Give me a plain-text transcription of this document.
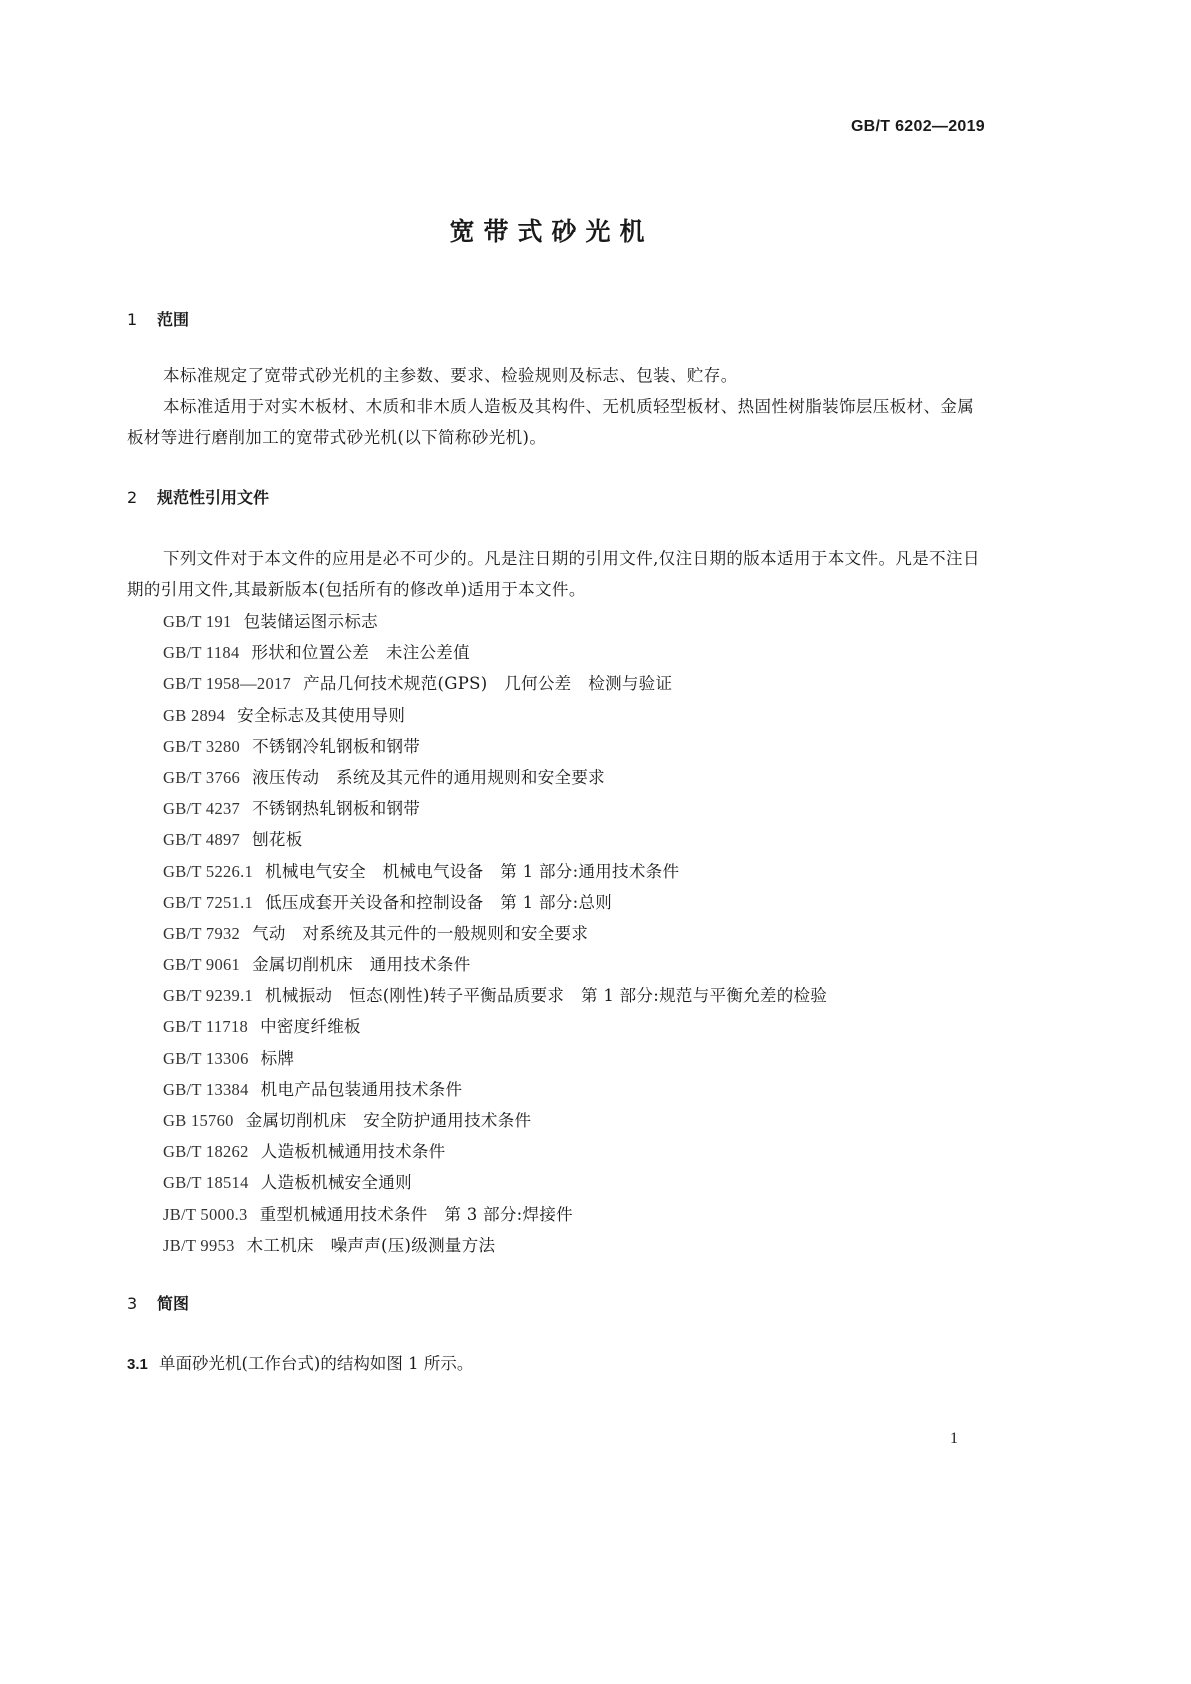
GB/T 6202—2019
宽带式砂光机
1 范围
本标准规定了宽带式砂光机的主参数、要求、检验规则及标志、包装、贮存。
本标准适用于对实木板材、木质和非木质人造板及其构件、无机质轻型板材、热固性树脂装饰层压板材、金属板材等进行磨削加工的宽带式砂光机(以下简称砂光机)。
2 规范性引用文件
下列文件对于本文件的应用是必不可少的。凡是注日期的引用文件,仅注日期的版本适用于本文件。凡是不注日期的引用文件,其最新版本(包括所有的修改单)适用于本文件。
GB/T 191 包装储运图示标志
GB/T 1184 形状和位置公差　未注公差值
GB/T 1958—2017 产品几何技术规范(GPS)　几何公差　检测与验证
GB 2894 安全标志及其使用导则
GB/T 3280 不锈钢冷轧钢板和钢带
GB/T 3766 液压传动　系统及其元件的通用规则和安全要求
GB/T 4237 不锈钢热轧钢板和钢带
GB/T 4897 刨花板
GB/T 5226.1 机械电气安全　机械电气设备　第 1 部分:通用技术条件
GB/T 7251.1 低压成套开关设备和控制设备　第 1 部分:总则
GB/T 7932 气动　对系统及其元件的一般规则和安全要求
GB/T 9061 金属切削机床　通用技术条件
GB/T 9239.1 机械振动　恒态(刚性)转子平衡品质要求　第 1 部分:规范与平衡允差的检验
GB/T 11718 中密度纤维板
GB/T 13306 标牌
GB/T 13384 机电产品包装通用技术条件
GB 15760 金属切削机床　安全防护通用技术条件
GB/T 18262 人造板机械通用技术条件
GB/T 18514 人造板机械安全通则
JB/T 5000.3 重型机械通用技术条件　第 3 部分:焊接件
JB/T 9953 木工机床　噪声声(压)级测量方法
3 简图
3.1 单面砂光机(工作台式)的结构如图 1 所示。
1
